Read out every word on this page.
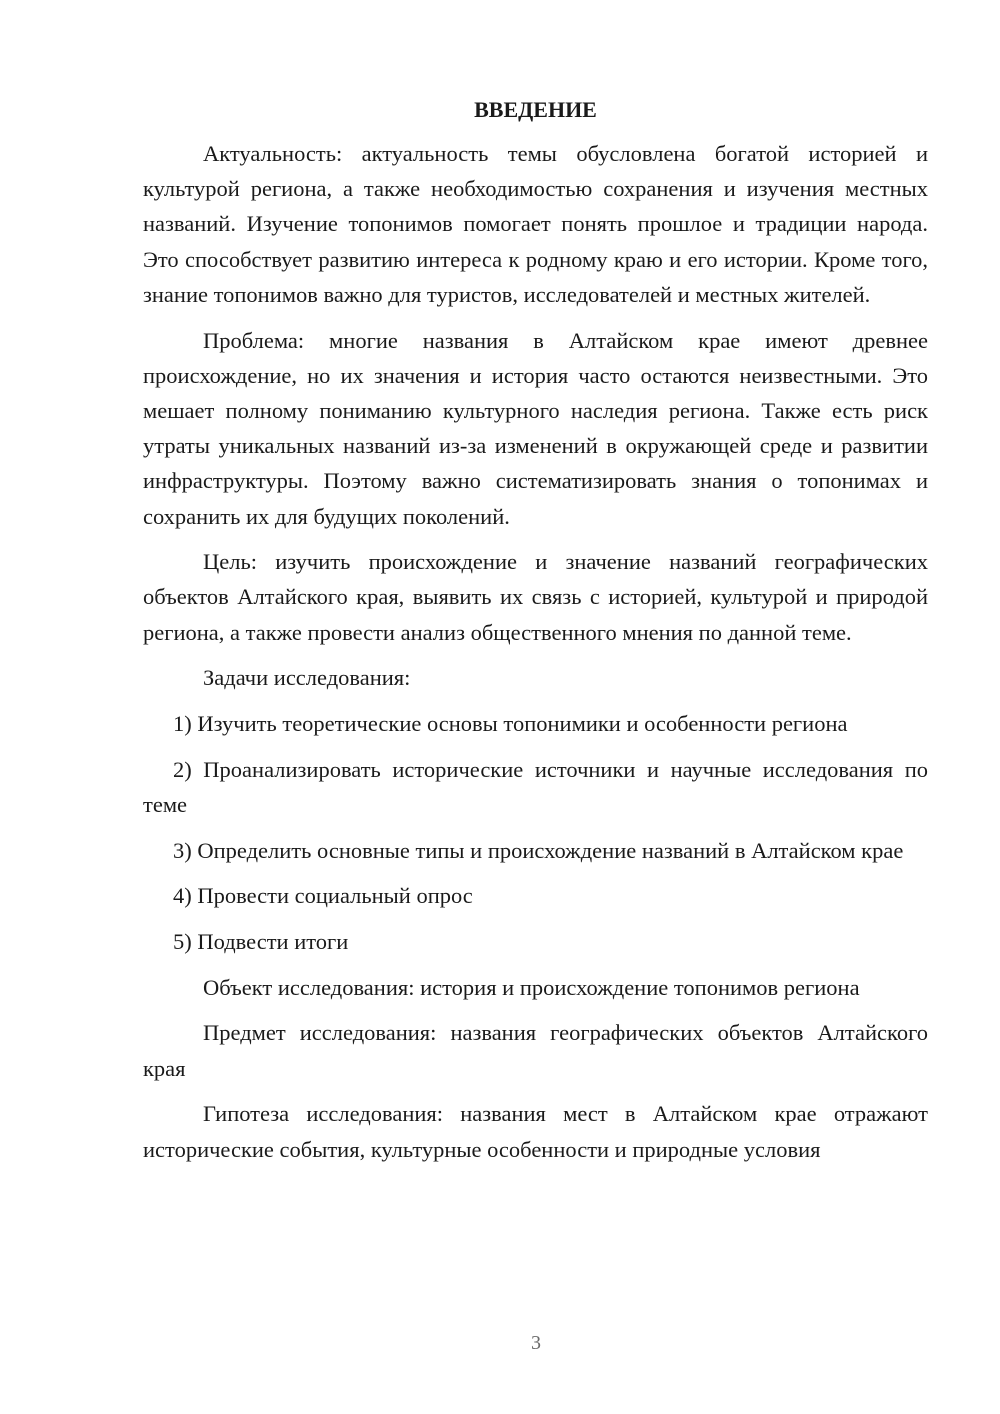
ВВЕДЕНИЕ

Актуальность: актуальность темы обусловлена богатой историей и культурой региона, а также необходимостью сохранения и изучения местных названий. Изучение топонимов помогает понять прошлое и традиции народа. Это способствует развитию интереса к родному краю и его истории. Кроме того, знание топонимов важно для туристов, исследователей и местных жителей.

Проблема: многие названия в Алтайском крае имеют древнее происхождение, но их значения и история часто остаются неизвестными. Это мешает полному пониманию культурного наследия региона. Также есть риск утраты уникальных названий из-за изменений в окружающей среде и развитии инфраструктуры. Поэтому важно систематизировать знания о топонимах и сохранить их для будущих поколений.

Цель: изучить происхождение и значение названий географических объектов Алтайского края, выявить их связь с историей, культурой и природой региона, а также провести анализ общественного мнения по данной теме.

Задачи исследования:

1) Изучить теоретические основы топонимики и особенности региона

2) Проанализировать исторические источники и научные исследования по теме

3) Определить основные типы и происхождение названий в Алтайском крае

4) Провести социальный опрос

5) Подвести итоги

Объект исследования: история и происхождение топонимов региона

Предмет исследования: названия географических объектов Алтайского края

Гипотеза исследования: названия мест в Алтайском крае отражают исторические события, культурные особенности и природные условия

3
